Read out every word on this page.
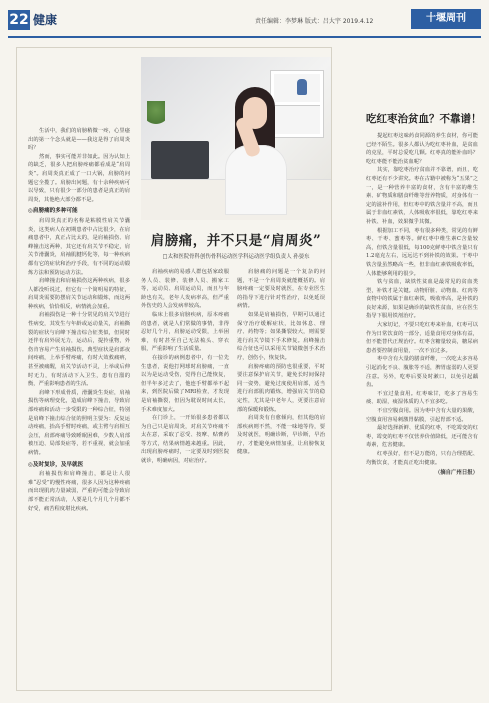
22 健康	责任编辑：李梦琳 版式：吕大宇 2019.4.12	十堰周刊
肩膀痛，并不只是“肩周炎”
□太和医院骨科创伤骨科运动医学科运动医学组负责人 孙晏东

生活中，我们的肩膀稍微一疼，心里瘙出的第一个念头就是——我这是得了肩周炎吗？

然而，事实可能并非如此。因为认知上的缺乏，很多人把肩膀疼痛都看成是“肩周炎”。肩周炎真正成了一口大锅，肩膀的问题它全揽了。肩膀出问题，有十余种疾病可以导致，只有很少一部分的患者是真正的肩周炎，其他绝大部分都不是。

◎肩膀痛的多种可能

肩周炎真正的名称是粘膜性肩关节囊炎，这类病人在初期患者中占比很少，在肩痛患者中，真正占比太的，是肩袖损伤、肩峰撞击这两种，其它还有肩关节不稳定，肩关节滑囊炎，肩袖肌腱钙化等，每一种疾病都有它的症状和治疗手段，有不同的运动锻炼方法和预防运动方法。

肩峰撞击和肩袖损伤这两种疾病，很多人都没听说过，但它有一个简明易的特征，肩周炎需要防摆肩关节运动和锻炼，而这两种疾病，恰恰相反，病情就会加重。

肩袖损伤是一种十分常见的肩关节进行性病变，其发生与年龄或运动量关，肩袖撕裂的症状与肩峰下撞击综合征类似，但同时还伴有肩外展无力，运动后，提拎重物，外伤肯容易产生肩袖损伤。典型症状是肩部夜间疼痛，上举手臂疼痛，有时大效救痛痹，甚至被痛醒，肩关节活动不灵，上举或后伸时无力，有时活动下入卫生，患有自溜的衡，严重影响患者的生活。

肩峰下形成骨质，滑囊炎生炎症，肩袖损伤等病理变化，造成肩峰下撞击，导致肩部疼痛和活动一步受限的一种综合征，特别是肩峰下撞击综合征的照明主要为：反复运动疼痛，抬高手臂时疼痛，或主臂与肩相互会压，肩部疼痛导致睡眠困难，少数人肩部被压迫、局部炎症等，若不重视，就会加重病情。

◎及时复诊，及早就医

肩袖损伤和肩峰撞击，都是让人很难“忍受”的慢性疼痛，很多人因为这种疼痛而出现肌肉力量减弱，严重的可能会导致肩部不能正常活动，人要是几个月几个月都不好受，痛苦程度堪比疾病。

肩袖疾病的易感人群包括家政服务人员、装修、装修人员、搬家工等，运动员、肩周运动员，而且与年龄也有关，老年人发病率高，但严重外伤史的人会发病率较高。

临床上很多肩膀疾病，原本疼痛的患者，就是人们常做的事情，非得忍好几个月，肩膀运动受限，上举困难，有时甚至自己无法梳头、穿衣服，严重影响了生活质量。

在接诊的病例患者中，有一位先生患者，说他打网球时肩膀痛，一直以为是运动受伤，觉得自己能恢复，但半年多过去了，他连手臂都举不起来，到医院后做了MRI检查，才发现是肩袖撕裂，但因为耽误时间太长，手术难度加大。

在门诊上，一开始很多患者都以为自己只是肩周炎，对肩关节疼痛不太在意，采取了忍受、按摩、贴膏药等方式，结果病情越来越重。因此，出现肩膀疼痛时，一定要及时到医院就诊，明确病因，对症治疗。

肩膀痛的问题是一个复杂的问题，不是一个肩周炎就能概括的。肩膀疼痛一定要及时就医，在专业医生的指导下进行针对性治疗，以免延误病情。

如果是肩袖损伤，早期可以通过保守治疗缓解症状，比如休息、理疗、药物等；如果撕裂较大，则需要进行肩关节镜下手术修复。肩峰撞击综合征也可以采用关节镜微创手术治疗，创伤小，恢复快。

肩膀疼痛的预防也很重要，平时要注意保护肩关节，避免长时间保持同一姿势，避免过度使用肩部，适当进行肩部肌肉锻炼，增强肩关节的稳定性，尤其是中老年人，更要注意肩部的保暖和锻炼。

肩周炎有自愈倾向，但其他的肩部疾病则不然，不能一味地等待，要及时就医，明确诊断，早诊断，早治疗，才能避免病情加重，让肩膀恢复健康。

吃红枣治贫血？不靠谱！

提起红枣这味药食同源的养生食材，你可能已经不陌生。很多人都认为吃红枣补血，是贫血的克星，平时总爱吃几颗。红枣真的能补血吗？吃红枣能不能治贫血呢？

其实，靠吃枣治疗贫血并不靠谱，而且，吃红枣还有不少讲究。枣在古籍中被称为“五果”之一，是一种营养丰富的食材，含有丰富的维生素、矿物质和膳食纤维等营养物质，对身体有一定的滋补作用，但红枣中的铁含量并不高，而且属于非血红素铁，人体吸收率很低，靠吃红枣来补铁、补血，效果微乎其微。

根据加工不同，枣有很多种类，常见的有鲜枣、干枣、蜜枣等。鲜红枣中维生素C含量较高，但铁含量很低，每100克鲜枣中铁含量只有1.2毫克左右，远远达不到补铁的效果。干枣中铁含量虽然略高一些，但非血红素铁吸收率低，人体能够利用的很少。

铁与贫血，缺铁性贫血是最常见的贫血类型，补铁才是关键。动物肝脏、动物血、红肉等食物中的铁属于血红素铁，吸收率高，是补铁的良好来源，如果是确诊的缺铁性贫血，应在医生指导下服用铁剂治疗。

大家切记，不要只吃红枣来补血，红枣可以作为日常饮食的一部分，适量食用对身体有益，但不能替代正规治疗。红枣含糖量较高，糖尿病患者要控制食用量，一次不宜过多。

枣中含有大量的膳食纤维，一次吃太多容易引起消化不良、腹胀等不适，脾胃虚弱的人更要注意。另外，吃枣后要及时漱口，以免引起龋齿。

不宜过量食用。红枣味甘，吃多了容易生痰、助湿，痰湿体质的人不宜多吃。

不宜空腹食用。因为枣中含有大量的果酸，空腹食用容易刺激胃黏膜，引起胃部不适。

最好选择新鲜、优质的红枣，不吃霉变的红枣，霉变的红枣不仅营养价值降低，还可能含有毒素，危害健康。

红枣虽好，但不是万能的，只有合理搭配、均衡饮食，才能真正吃出健康。

（摘自广州日报）
